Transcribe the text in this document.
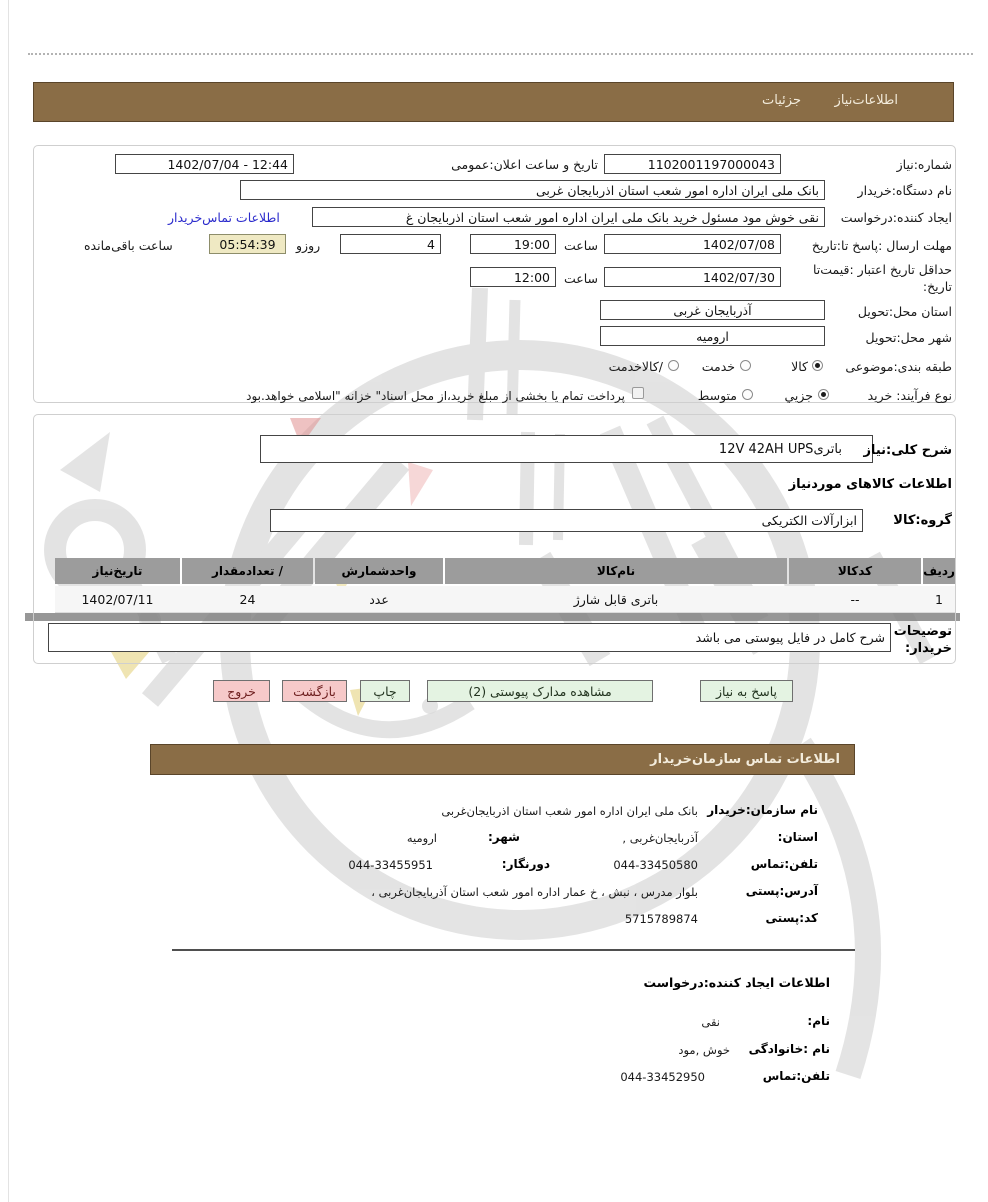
اطلاعات‌نیاز
جزئیات
شماره:نیاز
1102001197000043
تاریخ و ساعت اعلان:عمومی
1402/07/04 - 12:44
نام دستگاه:خریدار
بانک ملی ایران اداره امور شعب استان اذربایجان غربی
ایجاد کننده:درخواست
نقی خوش مود مسئول خرید بانک ملی ایران اداره امور شعب استان اذربایجان غ
اطلاعات تماس‌خریدار
مهلت ارسال :پاسخ تا:تاریخ
1402/07/08
ساعت
19:00
4
روزو
05:54:39
ساعت باقی‌مانده
حداقل تاریخ اعتبار :قیمت‌تا
تاریخ:
1402/07/30
ساعت
12:00
استان محل:تحویل
آذربایجان غربی
شهر محل:تحویل
ارومیه
طبقه بندی:موضوعی
کالا
خدمت
/کالاخدمت
نوع فرآیند: خرید
جزیي
متوسط
پرداخت تمام یا بخشی از مبلغ خرید،از محل اسناد" خزانه "اسلامی خواهد.بود
شرح کلی:نیاز
12V 42AH UPSباتری
اطلاعات کالاهای موردنیاز
گروه:کالا
ابزارآلات الکتریکی
ردیف
کدکالا
نام‌کالا
واحدشمارش
/ تعدادمقدار
تاریخ‌نیاز
1
--
باتری قابل شارژ
عدد
24
1402/07/11
توضیحات
خریدار:
شرح کامل در فایل پیوستی می باشد
پاسخ به نیاز
مشاهده مدارک پیوستی (2)
چاپ
بازگشت
خروج
اطلاعات تماس سازمان‌خریدار
نام سازمان:خریدار
بانک ملی ایران اداره امور شعب استان اذربایجان‌غربی
استان:
آذربایجان‌غربی ,
شهر:
ارومیه
تلفن:تماس
044-33450580
دورنگار:
044-33455951
آدرس:پستی
بلوار مدرس ، نبش ، خ عمار اداره امور شعب استان آذربایجان‌غربی ،
کد:پستی
5715789874
اطلاعات ایجاد کننده:درخواست
نام:
نقی
نام :خانوادگی
خوش ,مود
تلفن:تماس
044-33452950
